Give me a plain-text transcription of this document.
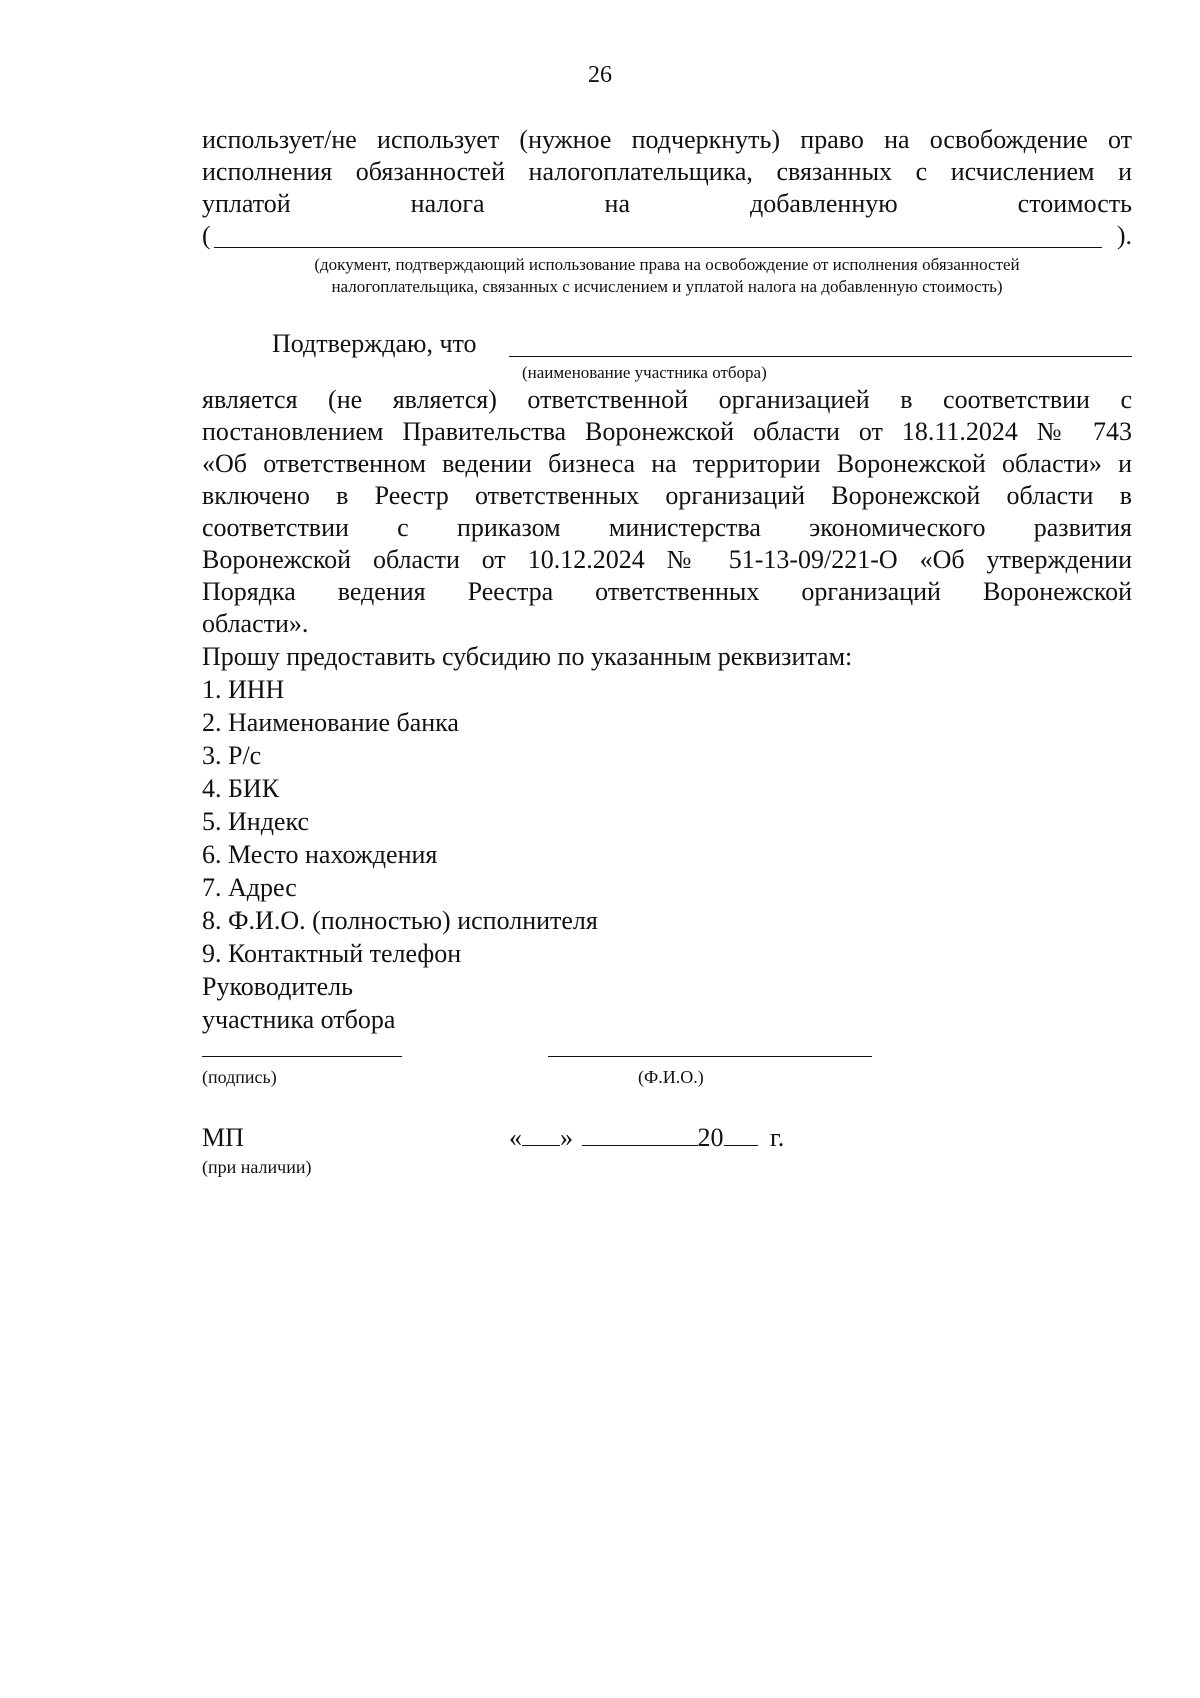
26
использует/не использует (нужное подчеркнуть) право на освобождение от
исполнения обязанностей налогоплательщика, связанных с исчислением и
уплатой налога на добавленную стоимость
(	).
(документ, подтверждающий использование права на освобождение от исполнения обязанностей
налогоплательщика, связанных с исчислением и уплатой налога на добавленную стоимость)
Подтверждаю, что
(наименование участника отбора)
является (не является) ответственной организацией в соответствии с
постановлением Правительства Воронежской области от 18.11.2024 № 743
«Об ответственном ведении бизнеса на территории Воронежской области» и
включено в Реестр ответственных организаций Воронежской области в
соответствии с приказом министерства экономического развития
Воронежской области от 10.12.2024 № 51-13-09/221-О «Об утверждении
Порядка ведения Реестра ответственных организаций Воронежской
области».
Прошу предоставить субсидию по указанным реквизитам:
1. ИНН
2. Наименование банка
3. Р/с
4. БИК
5. Индекс
6. Место нахождения
7. Адрес
8. Ф.И.О. (полностью) исполнителя
9. Контактный телефон
Руководитель
участника отбора
(подпись)	(Ф.И.О.)
МП
(при наличии)
« »	20 г.
